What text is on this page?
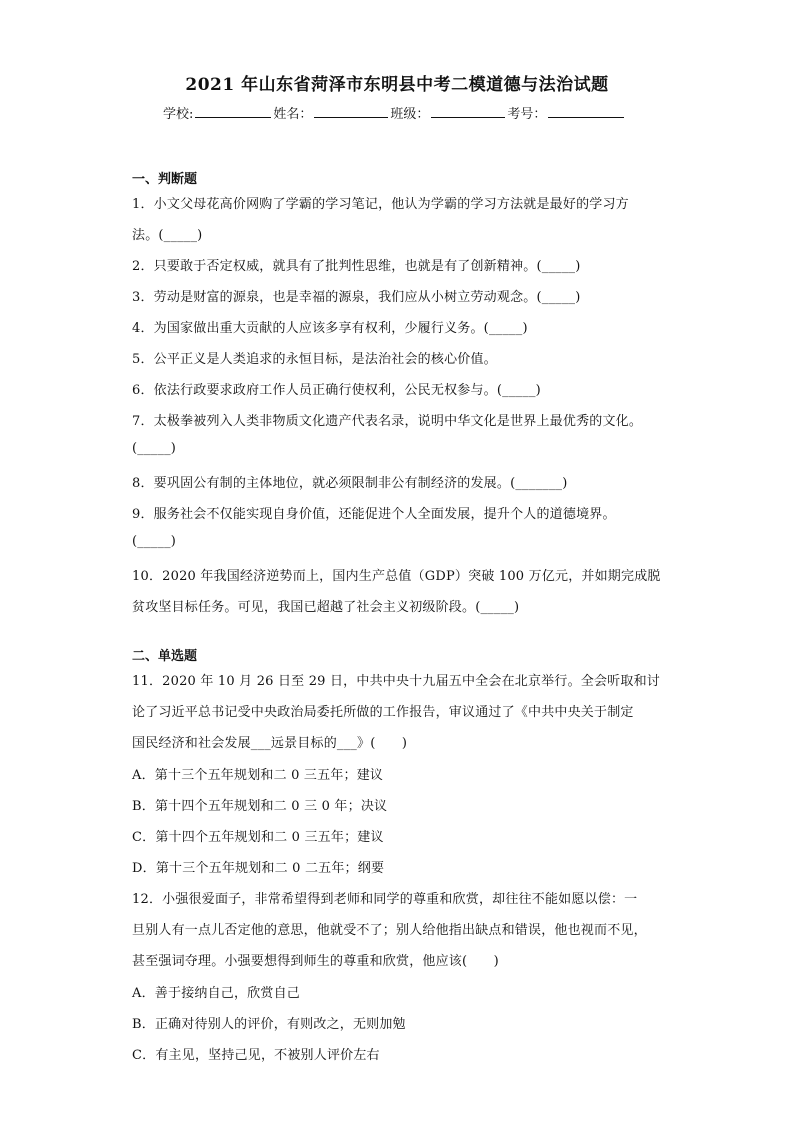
2021 年山东省菏泽市东明县中考二模道德与法治试题
学校:	姓名：	班级：	考号：
一、判断题
1．小文父母花高价网购了学霸的学习笔记，他认为学霸的学习方法就是最好的学习方
法。(_____)
2．只要敢于否定权威，就具有了批判性思维，也就是有了创新精神。(_____)
3．劳动是财富的源泉，也是幸福的源泉，我们应从小树立劳动观念。(_____)
4．为国家做出重大贡献的人应该多享有权利，少履行义务。(_____)
5．公平正义是人类追求的永恒目标，是法治社会的核心价值。
6．依法行政要求政府工作人员正确行使权利，公民无权参与。(_____)
7．太极拳被列入人类非物质文化遗产代表名录，说明中华文化是世界上最优秀的文化。
(_____)
8．要巩固公有制的主体地位，就必须限制非公有制经济的发展。(_______)
9．服务社会不仅能实现自身价值，还能促进个人全面发展，提升个人的道德境界。
(_____)
10．2020 年我国经济逆势而上，国内生产总值（GDP）突破 100 万亿元，并如期完成脱
贫攻坚目标任务。可见，我国已超越了社会主义初级阶段。(_____)
二、单选题
11．2020 年 10 月 26 日至 29 日，中共中央十九届五中全会在北京举行。全会听取和讨
论了习近平总书记受中央政治局委托所做的工作报告，审议通过了《中共中央关于制定
国民经济和社会发展___远景目标的___》(　　)
A．第十三个五年规划和二 0 三五年；建议
B．第十四个五年规划和二 0 三 0 年；决议
C．第十四个五年规划和二 0 三五年；建议
D．第十三个五年规划和二 0 二五年；纲要
12．小强很爱面子，非常希望得到老师和同学的尊重和欣赏，却往往不能如愿以偿：一
旦别人有一点儿否定他的意思，他就受不了；别人给他指出缺点和错误，他也视而不见，
甚至强词夺理。小强要想得到师生的尊重和欣赏，他应该(　　)
A．善于接纳自己，欣赏自己
B．正确对待别人的评价，有则改之，无则加勉
C．有主见，坚持己见，不被别人评价左右
